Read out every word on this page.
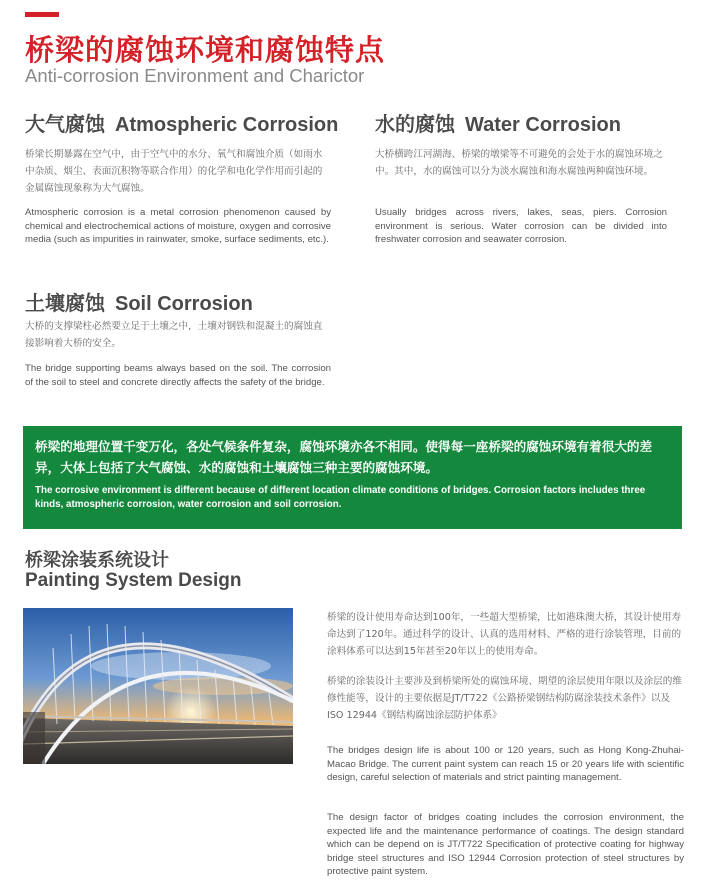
桥梁的腐蚀环境和腐蚀特点
Anti-corrosion Environment and Charictor
大气腐蚀 Atmospheric Corrosion
桥梁长期暴露在空气中，由于空气中的水分、氧气和腐蚀介质（如雨水中杂质、烟尘、表面沉积物等联合作用）的化学和电化学作用而引起的金属腐蚀现象称为大气腐蚀。
Atmospheric corrosion is a metal corrosion phenomenon caused by chemical and electrochemical actions of moisture, oxygen and corrosive media (such as impurities in rainwater, smoke, surface sediments, etc.).
水的腐蚀 Water Corrosion
大桥横跨江河湖海、桥梁的墩梁等不可避免的会处于水的腐蚀环境之中。其中，水的腐蚀可以分为淡水腐蚀和海水腐蚀两种腐蚀环境。
Usually bridges across rivers, lakes, seas, piers. Corrosion environment is serious. Water corrosion can be divided into freshwater corrosion and seawater corrosion.
土壤腐蚀 Soil Corrosion
大桥的支撑梁柱必然要立足于土壤之中，土壤对钢铁和混凝土的腐蚀直接影响着大桥的安全。
The bridge supporting beams always based on the soil. The corrosion of the soil to steel and concrete directly affects the safety of the bridge.
桥梁的地理位置千变万化，各处气候条件复杂，腐蚀环境亦各不相同。使得每一座桥梁的腐蚀环境有着很大的差异，大体上包括了大气腐蚀、水的腐蚀和土壤腐蚀三种主要的腐蚀环境。
The corrosive environment is different because of different location climate conditions of bridges. Corrosion factors includes three kinds, atmospheric corrosion, water corrosion and soil corrosion.
桥梁涂装系统设计
Painting System Design
桥梁的设计使用寿命达到100年，一些超大型桥梁，比如港珠澳大桥，其设计使用寿命达到了120年。通过科学的设计、认真的选用材料、严格的进行涂装管理，目前的涂料体系可以达到15年甚至20年以上的使用寿命。
桥梁的涂装设计主要涉及到桥梁所处的腐蚀环境、期望的涂层使用年限以及涂层的维修性能等，设计的主要依据是JT/T722《公路桥梁钢结构防腐涂装技术条件》以及ISO 12944《钢结构腐蚀涂层防护体系》
The bridges design life is about 100 or 120 years, such as Hong Kong-Zhuhai-Macao Bridge. The current paint system can reach 15 or 20 years life with scientific design, careful selection of materials and strict painting management.
The design factor of bridges coating includes the corrosion environment, the expected life and the maintenance performance of coatings. The design standard which can be depend on is JT/T722 Specification of protective coating for highway bridge steel structures and ISO 12944 Corrosion protection of steel structures by protective paint system.
